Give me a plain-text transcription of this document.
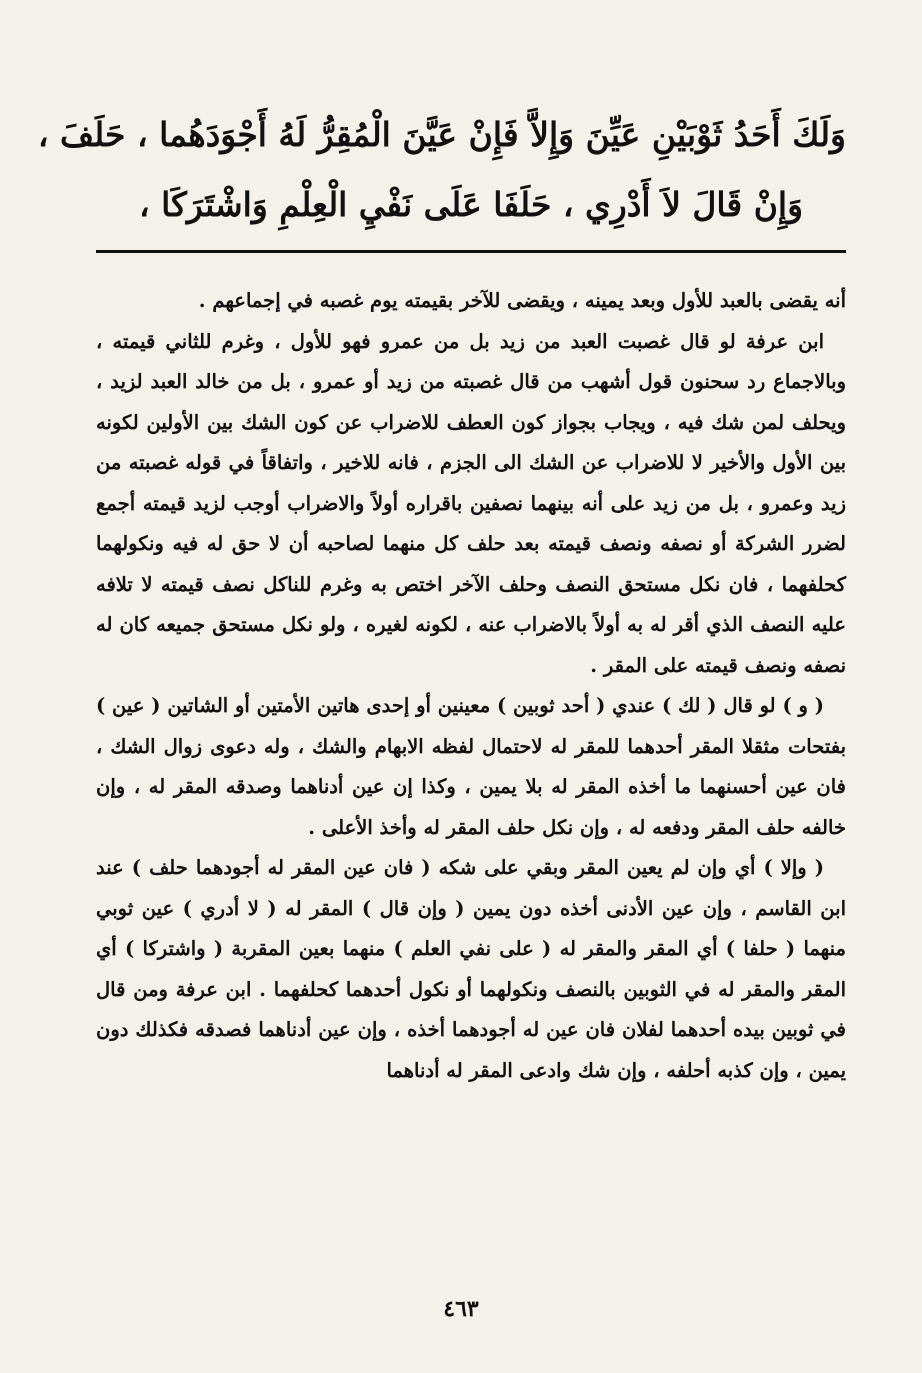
وَلَكَ أَحَدُ ثَوْبَيْنِ عَيِّنَ وَإِلاَّ فَإِنْ عَيَّنَ الْمُقِرُّ لَهُ أَجْوَدَهُما ، حَلَفَ ،
وَإِنْ قَالَ لاَ أَدْرِي ، حَلَفَا عَلَى نَفْيِ الْعِلْمِ وَاشْتَرَكَا ،

أنه يقضى بالعبد للأول وبعد يمينه ، ويقضى للآخر بقيمته يوم غصبه في إجماعهم .

ابن عرفة لو قال غصبت العبد من زيد بل من عمرو فهو للأول ، وغرم للثاني قيمته ، وبالاجماع رد سحنون قول أشهب من قال غصبته من زيد أو عمرو ، بل من خالد العبد لزيد ، ويحلف لمن شك فيه ، ويجاب بجواز كون العطف للاضراب عن كون الشك بين الأولين لكونه بين الأول والأخير لا للاضراب عن الشك الى الجزم ، فانه للاخير ، واتفاقاً في قوله غصبته من زيد وعمرو ، بل من زيد على أنه بينهما نصفين باقراره أولاً والاضراب أوجب لزيد قيمته أجمع لضرر الشركة أو نصفه ونصف قيمته بعد حلف كل منهما لصاحبه أن لا حق له فيه ونكولهما كحلفهما ، فان نكل مستحق النصف وحلف الآخر اختص به وغرم للناكل نصف قيمته لا تلافه عليه النصف الذي أقر له به أولاً بالاضراب عنه ، لكونه لغيره ، ولو نكل مستحق جميعه كان له نصفه ونصف قيمته على المقر .

( و ) لو قال ( لك ) عندي ( أحد ثوبين ) معينين أو إحدى هاتين الأمتين أو الشاتين ( عين ) بفتحات مثقلا المقر أحدهما للمقر له لاحتمال لفظه الابهام والشك ، وله دعوى زوال الشك ، فان عين أحسنهما ما أخذه المقر له بلا يمين ، وكذا إن عين أدناهما وصدقه المقر له ، وإن خالفه حلف المقر ودفعه له ، وإن نكل حلف المقر له وأخذ الأعلى .

( وإلا ) أي وإن لم يعين المقر وبقي على شكه ( فان عين المقر له أجودهما حلف ) عند ابن القاسم ، وإن عين الأدنى أخذه دون يمين ( وإن قال ) المقر له ( لا أدري ) عين ثوبي منهما ( حلفا ) أي المقر والمقر له ( على نفي العلم ) منهما بعين المقربة ( واشتركا ) أي المقر والمقر له في الثوبين بالنصف ونكولهما أو نكول أحدهما كحلفهما . ابن عرفة ومن قال في ثوبين بيده أحدهما لفلان فان عين له أجودهما أخذه ، وإن عين أدناهما فصدقه فكذلك دون يمين ، وإن كذبه أحلفه ، وإن شك وادعى المقر له أدناهما

٤٦٣
